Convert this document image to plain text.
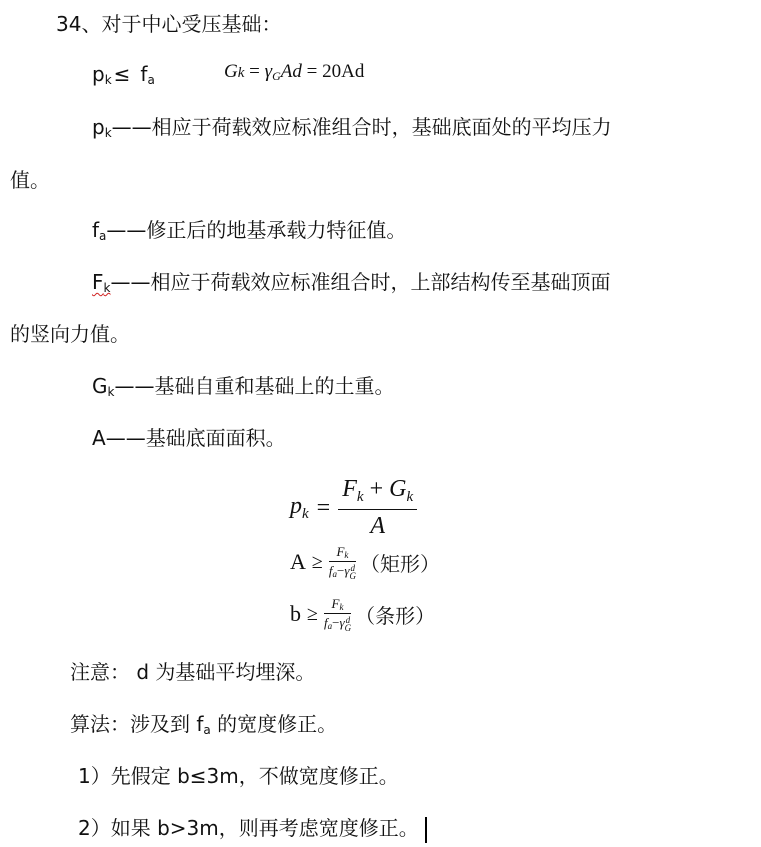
34、对于中心受压基础：
$p_k \le f_a$	$Gk = \gamma_GAd = 20Ad$
$p_k——$相应于荷载效应标准组合时，基础底面处的平均压力
值。
$f_a——$修正后的地基承载力特征值。
$F_k——$相应于荷载效应标准组合时，上部结构传至基础顶面
的竖向力值。
$G_k——$基础自重和基础上的土重。
A——基础底面面积。
$p_k = \frac{F_k + G_k}{A}$
$A \ge F_k$
$f_a-\gamma$ d
G （矩形）
$b \ge F_k$
$f_a-\gamma$ d
G （条形）
注意： d 为基础平均埋深。
算法：涉及到 $f_a$ 的宽度修正。
1）先假定 b≤3m，不做宽度修正。
2）如果 b>3m，则再考虑宽度修正。
